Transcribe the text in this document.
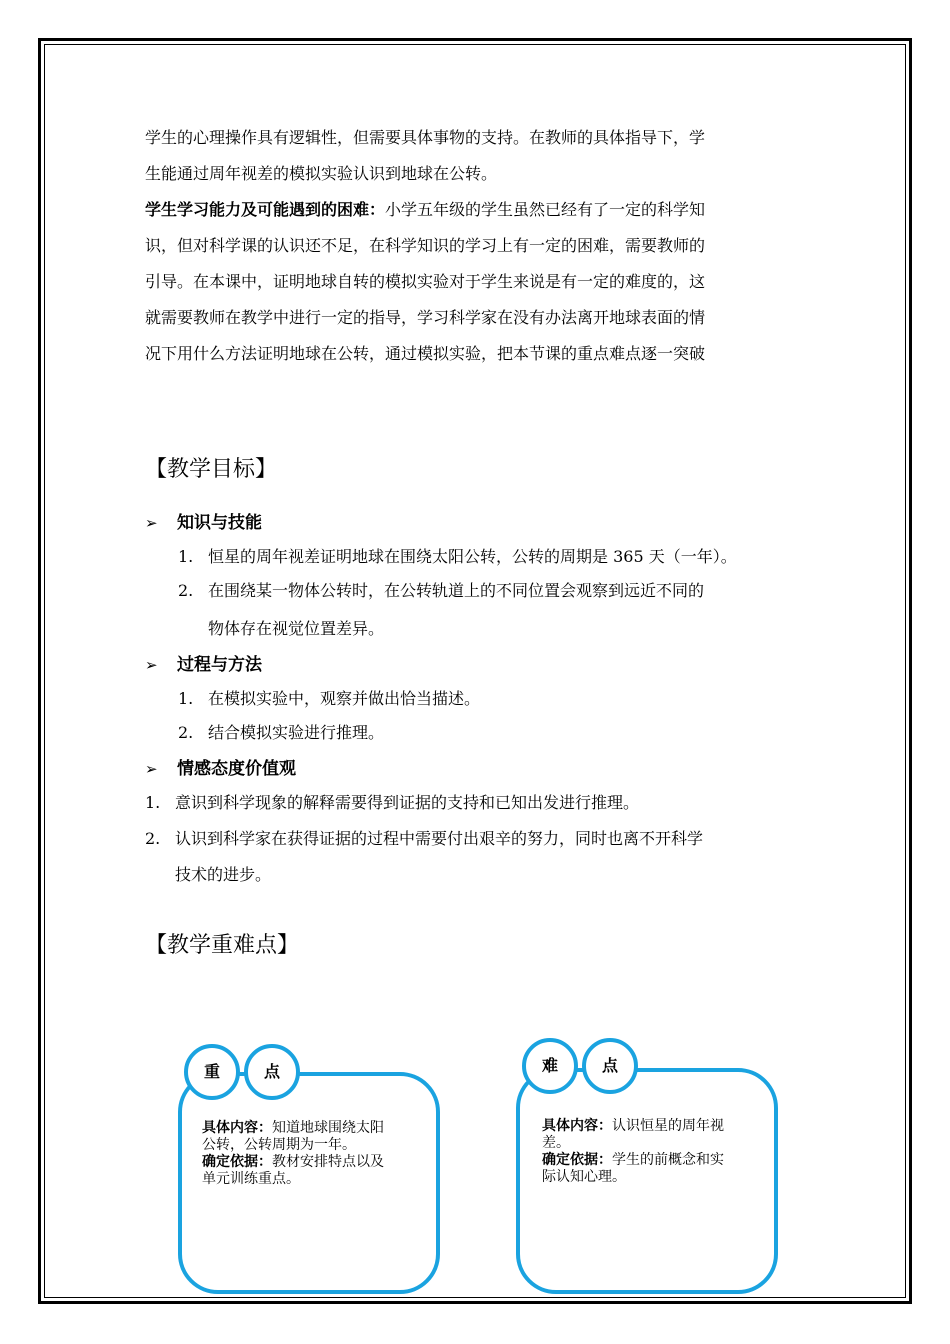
学生的心理操作具有逻辑性，但需要具体事物的支持。在教师的具体指导下，学
生能通过周年视差的模拟实验认识到地球在公转。
学生学习能力及可能遇到的困难：小学五年级的学生虽然已经有了一定的科学知
识，但对科学课的认识还不足，在科学知识的学习上有一定的困难，需要教师的
引导。在本课中，证明地球自转的模拟实验对于学生来说是有一定的难度的，这
就需要教师在教学中进行一定的指导，学习科学家在没有办法离开地球表面的情
况下用什么方法证明地球在公转，通过模拟实验，把本节课的重点难点逐一突破
【教学目标】
➢ 知识与技能
1. 恒星的周年视差证明地球在围绕太阳公转，公转的周期是 365 天（一年）。
2. 在围绕某一物体公转时，在公转轨道上的不同位置会观察到远近不同的
物体存在视觉位置差异。
➢ 过程与方法
1. 在模拟实验中，观察并做出恰当描述。
2. 结合模拟实验进行推理。
➢ 情感态度价值观
1. 意识到科学现象的解释需要得到证据的支持和已知出发进行推理。
2. 认识到科学家在获得证据的过程中需要付出艰辛的努力，同时也离不开科学
技术的进步。
【教学重难点】
重	点
具体内容：知道地球围绕太阳
公转，公转周期为一年。
确定依据：教材安排特点以及
单元训练重点。
难	点
具体内容：认识恒星的周年视
差。
确定依据：学生的前概念和实
际认知心理。
